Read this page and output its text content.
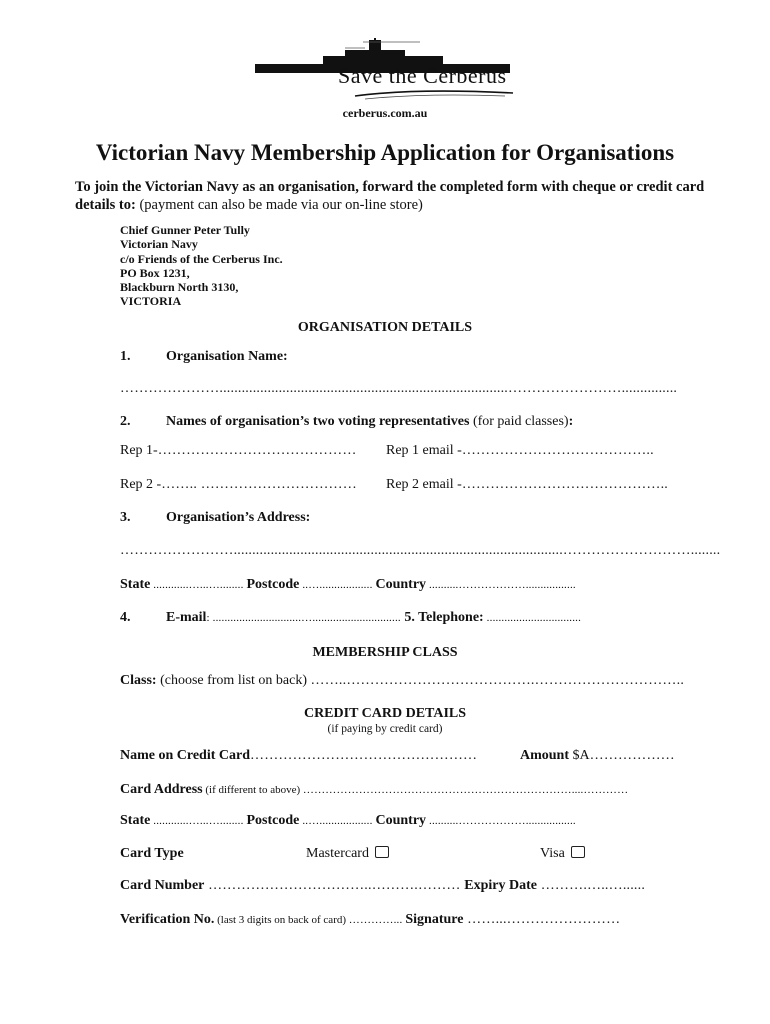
Save the Cerberus
cerberus.com.au
Victorian Navy Membership Application for Organisations
To join the Victorian Navy as an organisation, forward the completed form with cheque or credit card details to: (payment can also be made via our on-line store)
Chief Gunner Peter Tully
Victorian Navy
c/o Friends of the Cerberus Inc.
PO Box 1231,
Blackburn North 3130,
VICTORIA
ORGANISATION DETAILS
1.	Organisation Name:
…………………..............................................................................……………………...............
2.	Names of organisation’s two voting representatives (for paid classes):
Rep 1-…………………………………… Rep 1 email -…………………………………..
Rep 2 -…….. …………………………… Rep 2 email -……………………………………..
3.	Organisation’s Address:
…………………….........................................................................................………………………........
State ............…...…........ Postcode ..….................. Country ..........……………….................
4.	E-mail: ..............................….............................. 5. Telephone: ................................
MEMBERSHIP CLASS
Class: (choose from list on back) ……..………………………………….…………………………..
CREDIT CARD DETAILS
(if paying by credit card)
Name on Credit Card…………………………………………	Amount $A………………
Card Address (if different to above) ………………………………………………………………....…………
State ............…...…........ Postcode ..….................. Country ..........……………….................
Card Type	Mastercard	Visa
Card Number ……………………………..……….……… Expiry Date ……….…..…......
Verification No. (last 3 digits on back of card) …………... Signature ……...……………………
